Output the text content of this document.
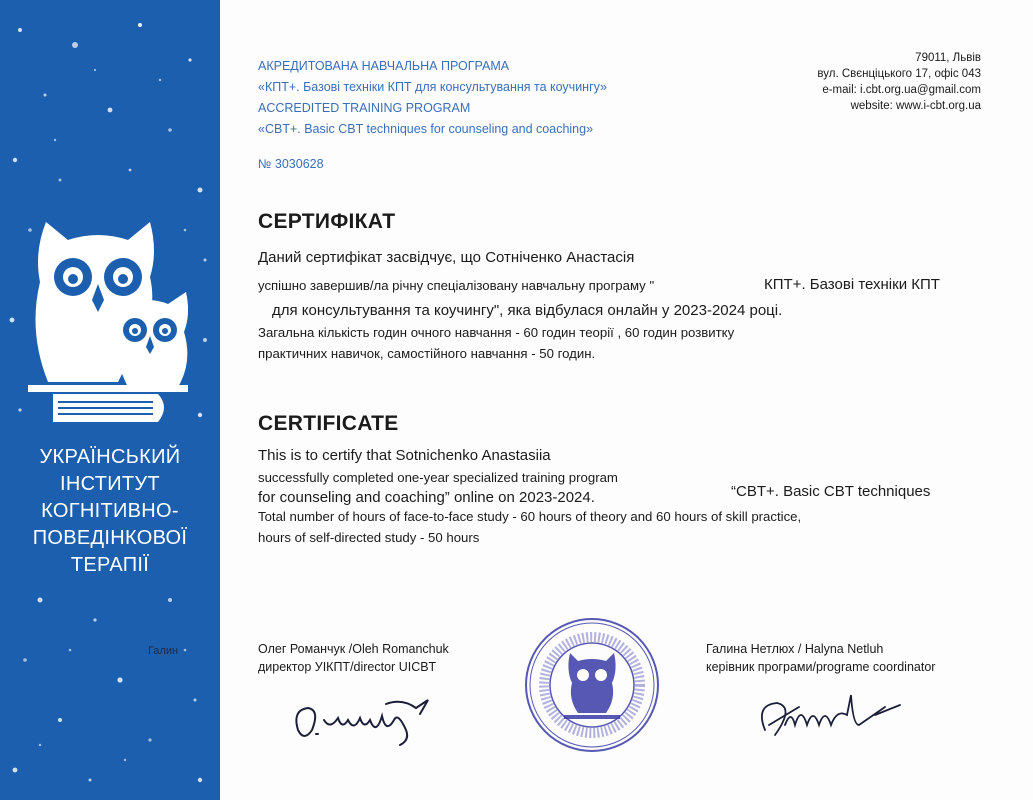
УКРАЇНСЬКИЙ
ІНСТИТУТ
КОГНІТИВНО-
ПОВЕДІНКОВОЇ
ТЕРАПІЇ
Галин
АКРЕДИТОВАНА НАВЧАЛЬНА ПРОГРАМА
«КПТ+. Базові техніки КПТ для консультування та коучингу»
ACCREDITED TRAINING PROGRAM
«CBT+. Basic CBT techniques for counseling and coaching»
№ 3030628
79011, Львів
вул. Свєнціцького 17, офіс 043
e-mail: i.cbt.org.ua@gmail.com
website: www.i-cbt.org.ua
СЕРТИФІКАТ
Даний сертифікат засвідчує, що Сотніченко Анастасія
успішно завершив/ла річну спеціалізовану навчальну програму "	КПТ+. Базові техніки КПТ
для консультування та коучингу", яка відбулася онлайн у 2023-2024 році.
Загальна кількість годин очного навчання - 60 годин теорії , 60 годин розвитку
практичних навичок, самостійного навчання - 50 годин.
CERTIFICATE
This is to certify that Sotnichenko Anastasiia
successfully completed one-year specialized training program
for counseling and coaching” online on 2023-2024.	“CBT+. Basic CBT techniques
Total number of hours of face-to-face study - 60 hours of theory and 60 hours of skill practice,
hours of self-directed study - 50 hours
Олег Романчук /Oleh Romanchuk
директор УІКПТ/director UICBT
Галина Нетлюх / Halyna Netluh
керівник програми/programe coordinator
